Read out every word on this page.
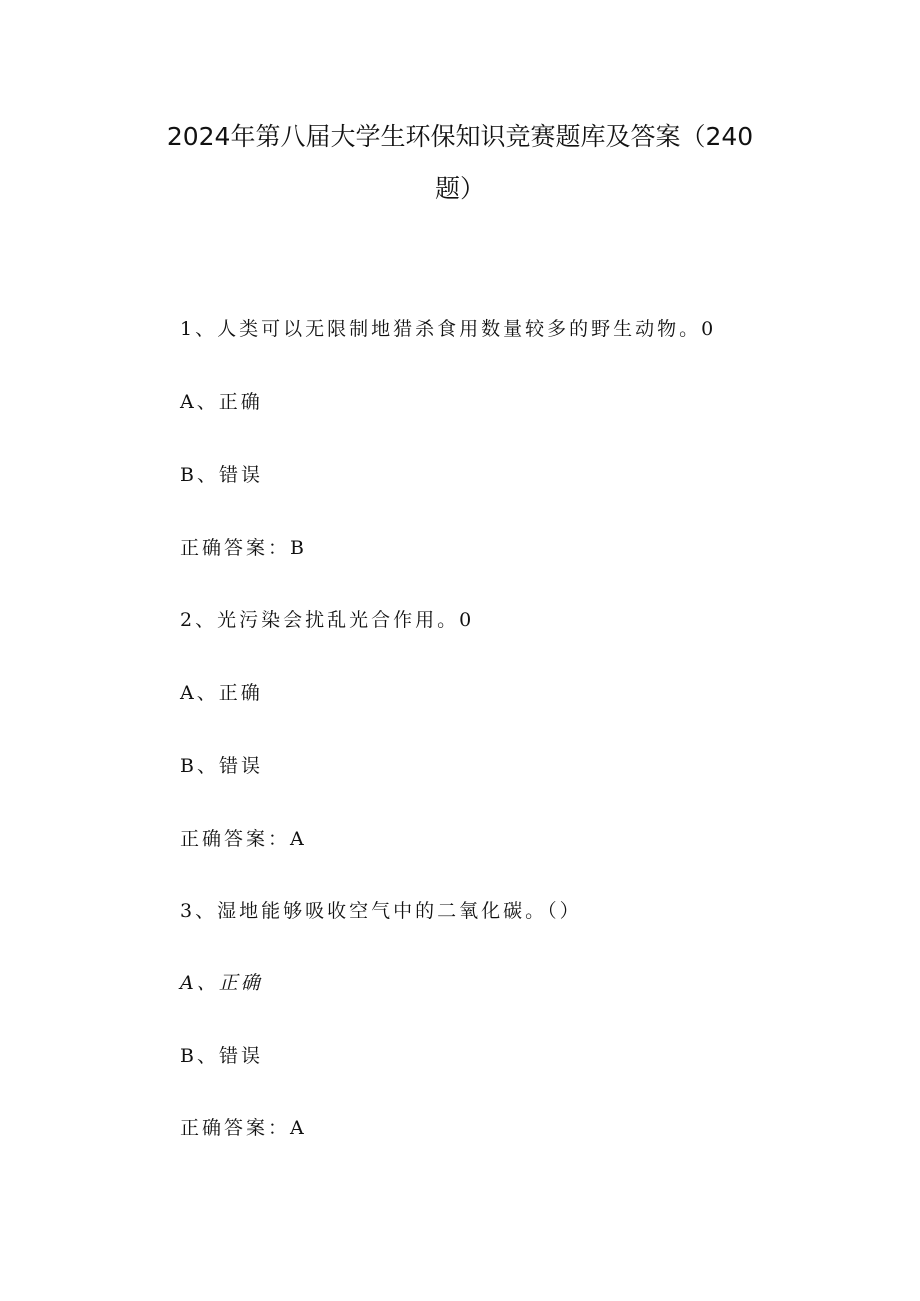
2024年第八届大学生环保知识竞赛题库及答案（240
题）
1、人类可以无限制地猎杀食用数量较多的野生动物。0
A、正确
B、错误
正确答案：B
2、光污染会扰乱光合作用。0
A、正确
B、错误
正确答案：A
3、湿地能够吸收空气中的二氧化碳。（）
A、正确
B、错误
正确答案：A
